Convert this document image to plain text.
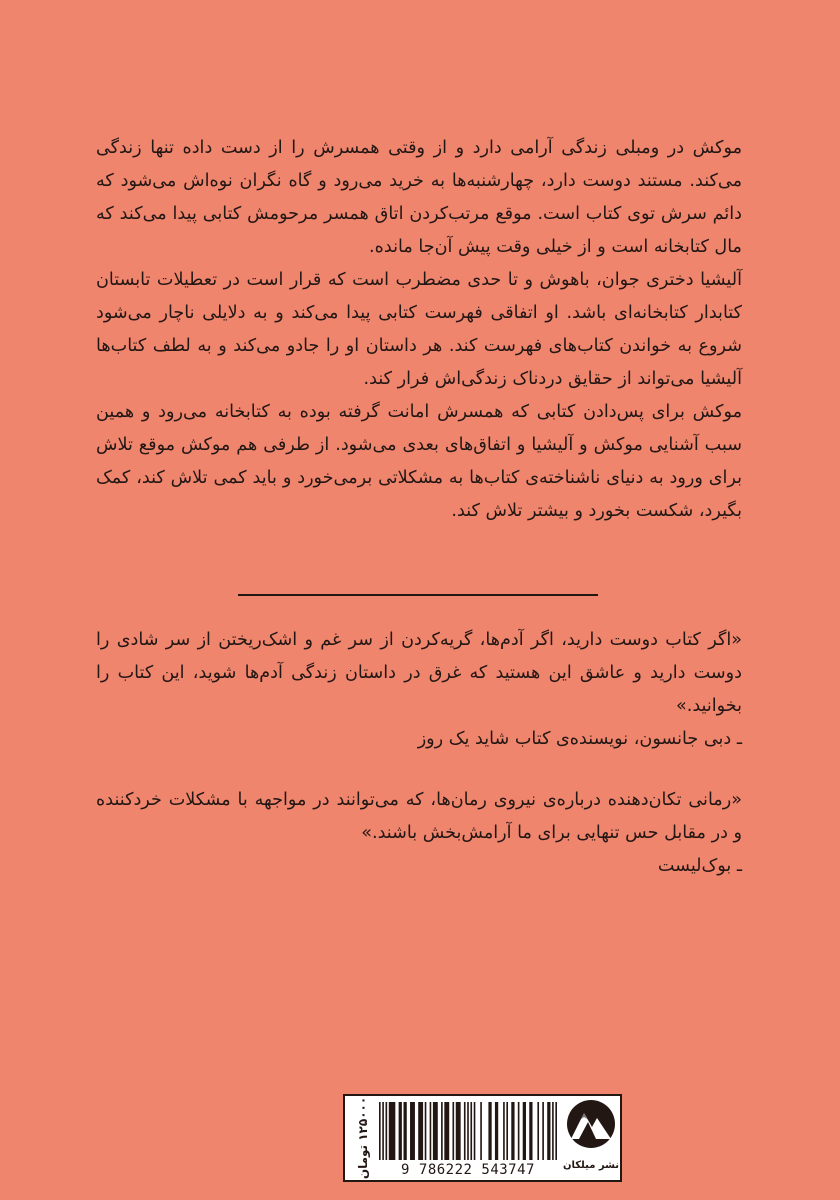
موکش در ومبلی زندگی آرامی دارد و از وقتی همسرش را از دست داده تنها زندگی می‌کند. مستند دوست دارد، چهارشنبه‌ها به خرید می‌رود و گاه نگران نوه‌اش می‌شود که دائم سرش توی کتاب است. موقع مرتب‌کردن اتاق همسر مرحومش کتابی پیدا می‌کند که مال کتابخانه است و از خیلی وقت پیش آن‌جا مانده.

آلیشیا دختری جوان، باهوش و تا حدی مضطرب است که قرار است در تعطیلات تابستان کتابدار کتابخانه‌ای باشد. او اتفاقی فهرست کتابی پیدا می‌کند و به دلایلی ناچار می‌شود شروع به خواندن کتاب‌های فهرست کند. هر داستان او را جادو می‌کند و به لطف کتاب‌ها آلیشیا می‌تواند از حقایق دردناک زندگی‌اش فرار کند.

موکش برای پس‌دادن کتابی که همسرش امانت گرفته بوده به کتابخانه می‌رود و همین سبب آشنایی موکش و آلیشیا و اتفاق‌های بعدی می‌شود. از طرفی هم موکش موقع تلاش برای ورود به دنیای ناشناخته‌ی کتاب‌ها به مشکلاتی برمی‌خورد و باید کمی تلاش کند، کمک بگیرد، شکست بخورد و بیشتر تلاش کند.

«اگر کتاب دوست دارید، اگر آدم‌ها، گریه‌کردن از سر غم و اشک‌ریختن از سر شادی را دوست دارید و عاشق این هستید که غرق در داستان زندگی آدم‌ها شوید، این کتاب را بخوانید.»

ـ دبی جانسون، نویسنده‌ی کتاب شاید یک روز

«رمانی تکان‌دهنده درباره‌ی نیروی رمان‌ها، که می‌توانند در مواجهه با مشکلات خردکننده و در مقابل حس تنهایی برای ما آرامش‌بخش باشند.»

ـ بوک‌لیست

۱۲۵۰۰۰ تومان
9 786222 543747	نشر میلکان
